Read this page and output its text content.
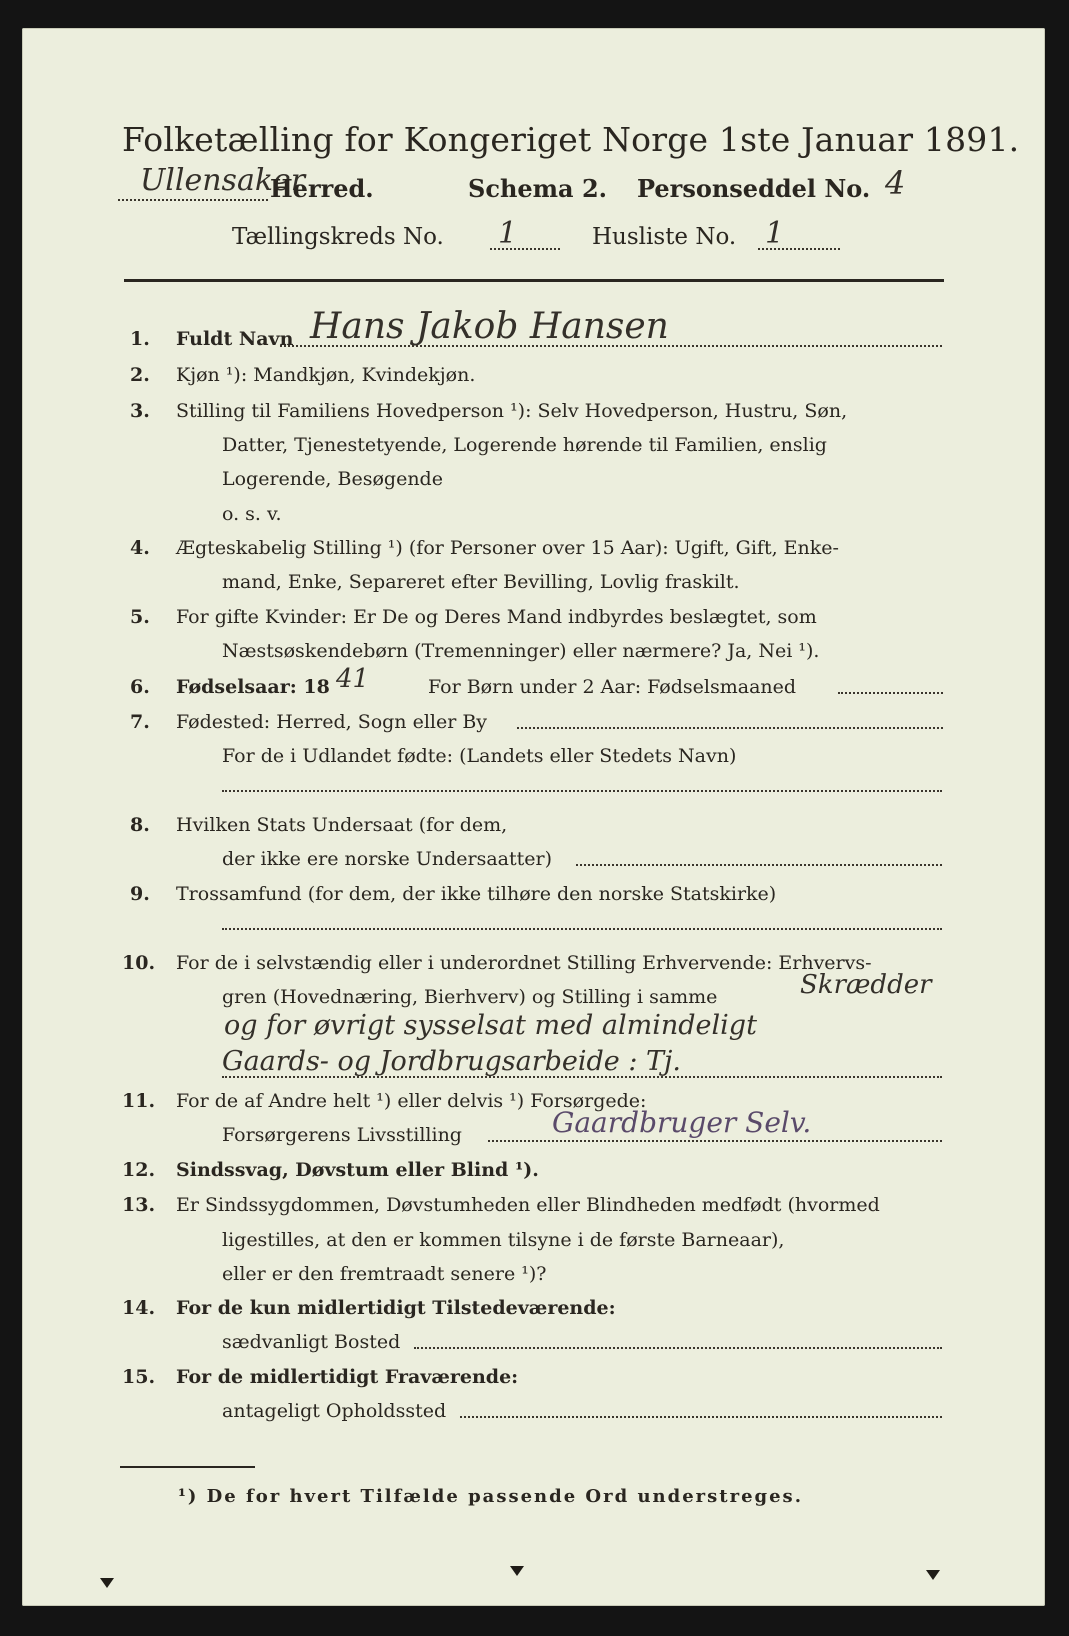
Folketælling for Kongeriget Norge 1ste Januar 1891.
Ullensaker
Herred.	Schema 2. Personseddel No. 4
Tællingskreds No. 1	Husliste No. 1
1. Fuldt Navn Hans Jakob Hansen
2. Kjøn ¹): Mandkjøn, Kvindekjøn.
3. Stilling til Familiens Hovedperson ¹): Selv Hovedperson, Hustru, Søn,
Datter, Tjenestetyende, Logerende hørende til Familien, enslig
Logerende, Besøgende
o. s. v.
4. Ægteskabelig Stilling ¹) (for Personer over 15 Aar): Ugift, Gift, Enke-
mand, Enke, Separeret efter Bevilling, Lovlig fraskilt.
5. For gifte Kvinder: Er De og Deres Mand indbyrdes beslægtet, som
Næstsøskendebørn (Tremenninger) eller nærmere? Ja, Nei ¹).
6. Fødselsaar: 18 41	For Børn under 2 Aar: Fødselsmaaned
7. Fødested: Herred, Sogn eller By
For de i Udlandet fødte: (Landets eller Stedets Navn)
8. Hvilken Stats Undersaat (for dem,
der ikke ere norske Undersaatter)
9. Trossamfund (for dem, der ikke tilhøre den norske Statskirke)
10. For de i selvstændig eller i underordnet Stilling Erhvervende: Erhvervs-
gren (Hovednæring, Bierhverv) og Stilling i samme	Skrædder
og for øvrigt sysselsat med almindeligt
Gaards- og Jordbrugsarbeide : Tj.
11. For de af Andre helt ¹) eller delvis ¹) Forsørgede:
Forsørgerens Livsstilling	Gaardbruger Selv.
12. Sindssvag, Døvstum eller Blind ¹).
13. Er Sindssygdommen, Døvstumheden eller Blindheden medfødt (hvormed
ligestilles, at den er kommen tilsyne i de første Barneaar),
eller er den fremtraadt senere ¹)?
14. For de kun midlertidigt Tilstedeværende:
sædvanligt Bosted
15. For de midlertidigt Fraværende:
antageligt Opholdssted
¹) De for hvert Tilfælde passende Ord understreges.
